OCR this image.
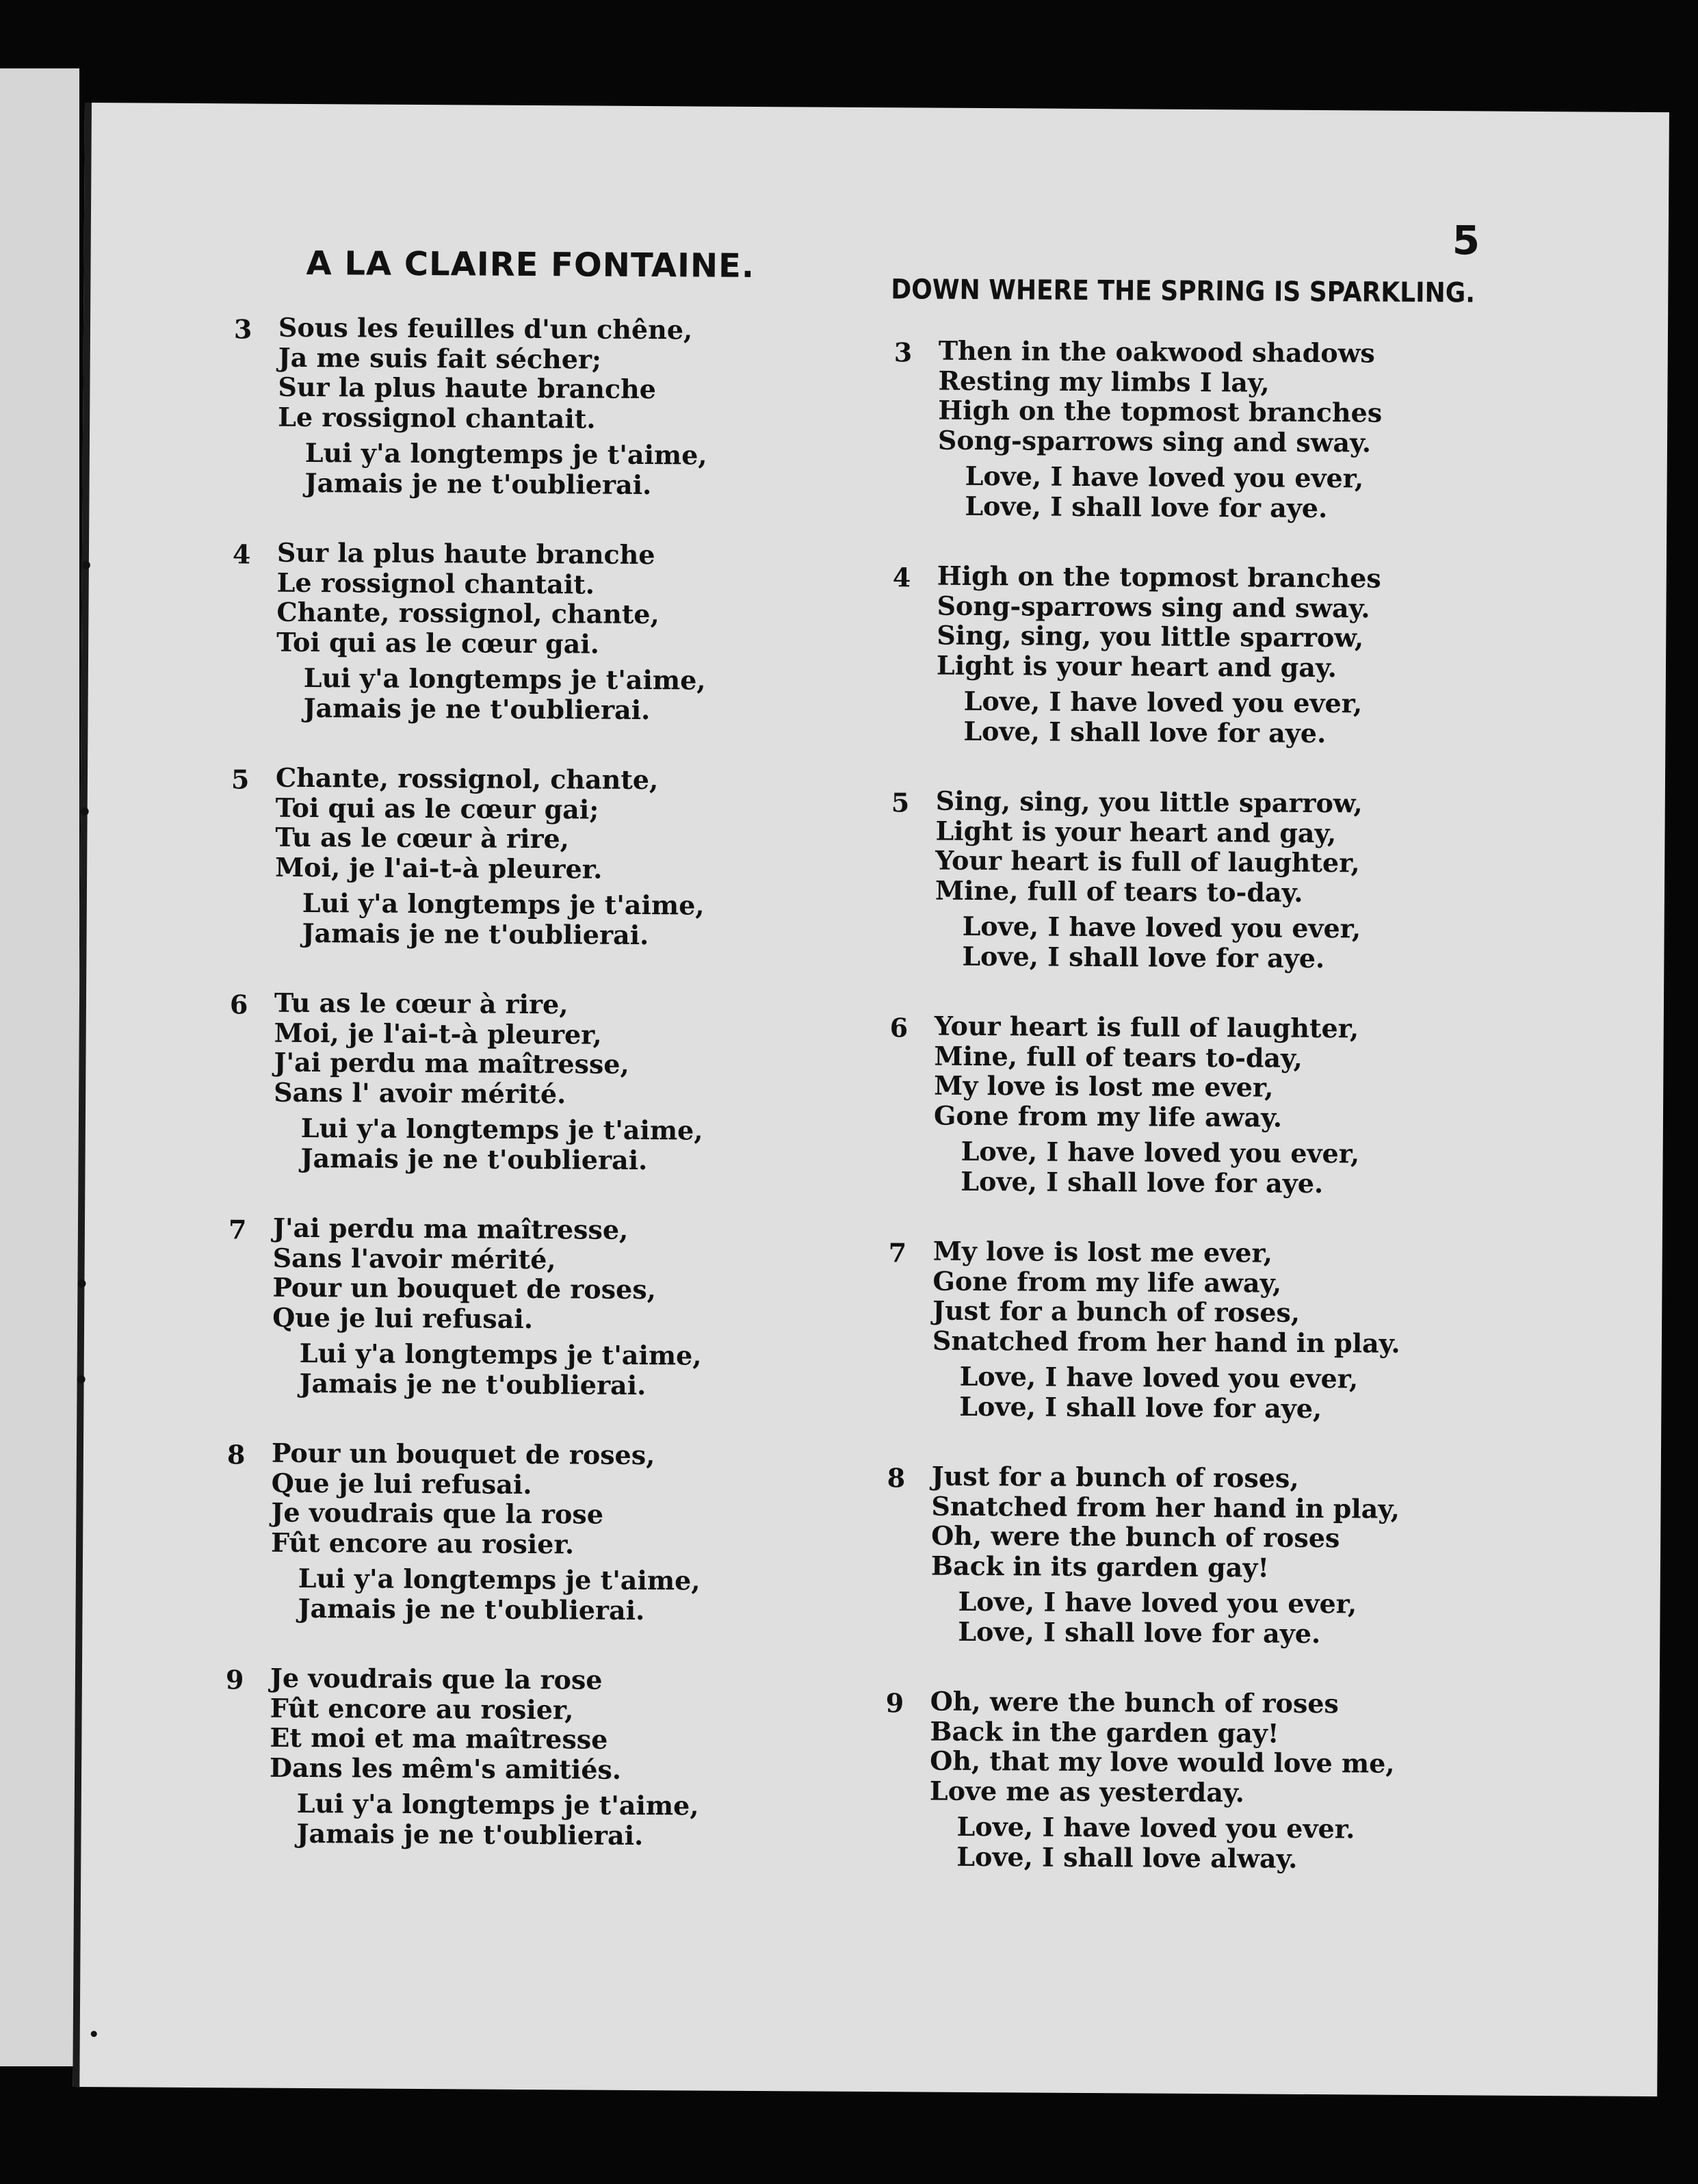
5
A LA CLAIRE FONTAINE.
DOWN WHERE THE SPRING IS SPARKLING.
3 Sous les feuilles d'un chêne,
Ja me suis fait sécher;
Sur la plus haute branche
Le rossignol chantait.
Lui y'a longtemps je t'aime,
Jamais je ne t'oublierai.
4 Sur la plus haute branche
Le rossignol chantait.
Chante, rossignol, chante,
Toi qui as le cœur gai.
Lui y'a longtemps je t'aime,
Jamais je ne t'oublierai.
5 Chante, rossignol, chante,
Toi qui as le cœur gai;
Tu as le cœur à rire,
Moi, je l'ai-t-à pleurer.
Lui y'a longtemps je t'aime,
Jamais je ne t'oublierai.
6 Tu as le cœur à rire,
Moi, je l'ai-t-à pleurer,
J'ai perdu ma maîtresse,
Sans l' avoir mérité.
Lui y'a longtemps je t'aime,
Jamais je ne t'oublierai.
7 J'ai perdu ma maîtresse,
Sans l'avoir mérité,
Pour un bouquet de roses,
Que je lui refusai.
Lui y'a longtemps je t'aime,
Jamais je ne t'oublierai.
8 Pour un bouquet de roses,
Que je lui refusai.
Je voudrais que la rose
Fût encore au rosier.
Lui y'a longtemps je t'aime,
Jamais je ne t'oublierai.
9 Je voudrais que la rose
Fût encore au rosier,
Et moi et ma maîtresse
Dans les mêm's amitiés.
Lui y'a longtemps je t'aime,
Jamais je ne t'oublierai.
3 Then in the oakwood shadows
Resting my limbs I lay,
High on the topmost branches
Song-sparrows sing and sway.
Love, I have loved you ever,
Love, I shall love for aye.
4 High on the topmost branches
Song-sparrows sing and sway.
Sing, sing, you little sparrow,
Light is your heart and gay.
Love, I have loved you ever,
Love, I shall love for aye.
5 Sing, sing, you little sparrow,
Light is your heart and gay,
Your heart is full of laughter,
Mine, full of tears to-day.
Love, I have loved you ever,
Love, I shall love for aye.
6 Your heart is full of laughter,
Mine, full of tears to-day,
My love is lost me ever,
Gone from my life away.
Love, I have loved you ever,
Love, I shall love for aye.
7 My love is lost me ever,
Gone from my life away,
Just for a bunch of roses,
Snatched from her hand in play.
Love, I have loved you ever,
Love, I shall love for aye,
8 Just for a bunch of roses,
Snatched from her hand in play,
Oh, were the bunch of roses
Back in its garden gay!
Love, I have loved you ever,
Love, I shall love for aye.
9 Oh, were the bunch of roses
Back in the garden gay!
Oh, that my love would love me,
Love me as yesterday.
Love, I have loved you ever.
Love, I shall love alway.
